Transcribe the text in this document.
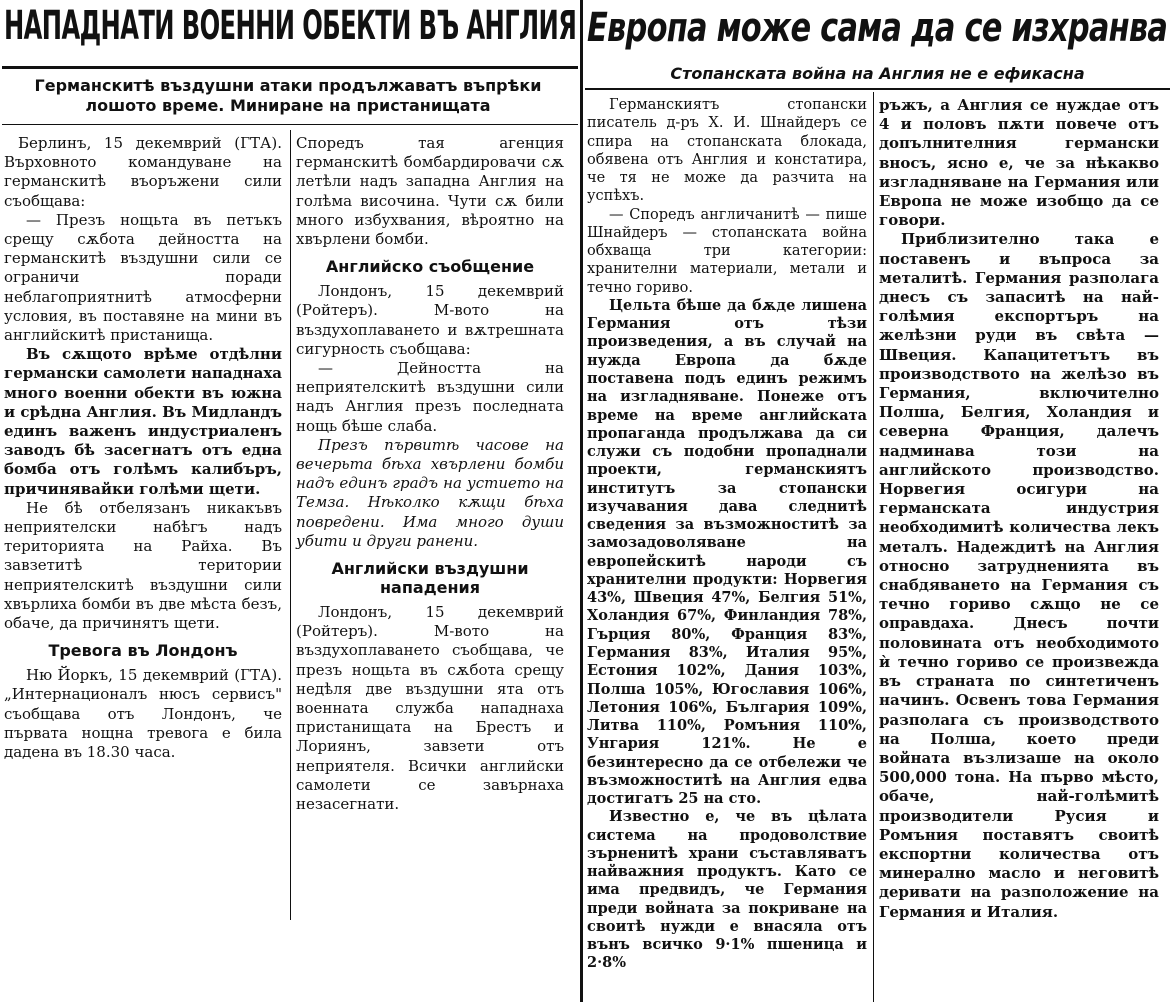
НАПАДНАТИ ВОЕННИ ОБЕКТИ ВЪ АНГЛИЯ
Германскитѣ въздушни атаки продължаватъ въпрѣки лошото време. Миниране на пристанищата

Берлинъ, 15 декемврий (ГТА). Върховното командуване на германскитѣ въоръжени сили съобщава:

— Презъ нощьта въ петъкъ срещу сѫбота дейността на германскитѣ въздушни сили се ограничи поради неблагоприятнитѣ атмосферни условия, въ поставяне на мини въ английскитѣ пристанища.

Въ сѫщото врѣме отдѣлни германски самолети нападнаха много военни обекти въ южна и срѣдна Англия. Въ Мидландъ единъ важенъ индустриаленъ заводъ бѣ засегнатъ отъ една бомба отъ голѣмъ калибъръ, причинявайки голѣми щети.

Не бѣ отбелязанъ никакъвъ неприятелски набѣгъ надъ територията на Райха. Въ завзетитѣ територии неприятелскитѣ въздушни сили хвърлиха бомби въ две мѣста безъ, обаче, да причинятъ щети.

Тревога въ Лондонъ

Ню Йоркъ, 15 декемврий (ГТА). „Интернационалъ нюсъ сервисъ" съобщава отъ Лондонъ, че първата нощна тревога е била дадена въ 18.30 часа.

Споредъ тая агенция германскитѣ бомбардировачи сѫ летѣли надъ западна Англия на голѣма височина. Чути сѫ били много избухвания, вѣроятно на хвърлени бомби.

Английско съобщение

Лондонъ, 15 декемврий (Ройтеръ). М-вото на въздухоплаването и вѫтрешната сигурность съобщава:

— Дейността на неприятелскитѣ въздушни сили надъ Англия презъ последната нощь бѣше слаба.

Презъ първитѣ часове на вечерьта бѣха хвърлени бомби надъ единъ градъ на устието на Темза. Нѣколко кѫщи бѣха повредени. Има много души убити и други ранени.

Английски въздушни нападения

Лондонъ, 15 декемврий (Ройтеръ). М-вото на въздухоплаването съобщава, че презъ нощьта въ сѫбота срещу недѣля две въздушни ята отъ военната служба нападнаха пристанищата на Брестъ и Лориянъ, завзети отъ неприятеля. Всички английски самолети се завърнаха незасегнати.

Европа може сама да се изхранва
Стопанската война на Англия не е ефикасна

Германскиятъ стопански писатель д-ръ Х. И. Шнайдеръ се спира на стопанската блокада, обявена отъ Англия и констатира, че тя не може да разчита на успѣхъ.

— Споредъ англичанитѣ — пише Шнайдеръ — стопанската война обхваща три категории: хранителни материали, метали и течно гориво.

Цельта бѣше да бѫде лишена Германия отъ тѣзи произведения, а въ случай на нужда Европа да бѫде поставена подъ единъ режимъ на изгладняване. Понеже отъ време на време английската пропаганда продължава да си служи съ подобни пропаднали проекти, германскиятъ институтъ за стопански изучавания дава следнитѣ сведения за възможноститѣ за замозадоволяване на европейскитѣ народи съ хранителни продукти: Норвегия 43%, Швеция 47%, Белгия 51%, Холандия 67%, Финландия 78%, Гърция 80%, Франция 83%, Германия 83%, Италия 95%, Естония 102%, Дания 103%, Полша 105%, Югославия 106%, Летония 106%, България 109%, Литва 110%, Ромъния 110%, Унгария 121%. Не е безинтересно да се отбележи че възможноститѣ на Англия едва достигатъ 25 на сто.

Известно е, че въ цѣлата система на продоволствие зърненитѣ храни съставляватъ найважния продуктъ. Като се има предвидъ, че Германия преди войната за покриване на своитѣ нужди е внасяла отъ вънъ всичко 9·1% пшеница и 2·8%

ръжъ, а Англия се нуждае отъ 4 и половъ пѫти повече отъ допълнителния германски вносъ, ясно е, че за нѣкакво изгладняване на Германия или Европа не може изобщо да се говори.

Приблизително така е поставенъ и въпроса за металитѣ. Германия разполага днесъ съ запаситѣ на най-голѣмия експортъръ на желѣзни руди въ свѣта — Швеция. Капацитетътъ въ производството на желѣзо въ Германия, включително Полша, Белгия, Холандия и северна Франция, далечъ надминава този на английското производство. Норвегия осигури на германската индустрия необходимитѣ количества лекъ металъ. Надеждитѣ на Англия относно затрудненията въ снабдяването на Германия съ течно гориво сѫщо не се оправдаха. Днесъ почти половината отъ необходимото ѝ течно гориво се произвежда въ страната по синтетиченъ начинъ. Освенъ това Германия разполага съ производството на Полша, което преди войната възлизаше на около 500,000 тона. На първо мѣсто, обаче, най-голѣмитѣ производители Русия и Ромъния поставятъ своитѣ експортни количества отъ минерално масло и неговитѣ деривати на разположение на Германия и Италия.
